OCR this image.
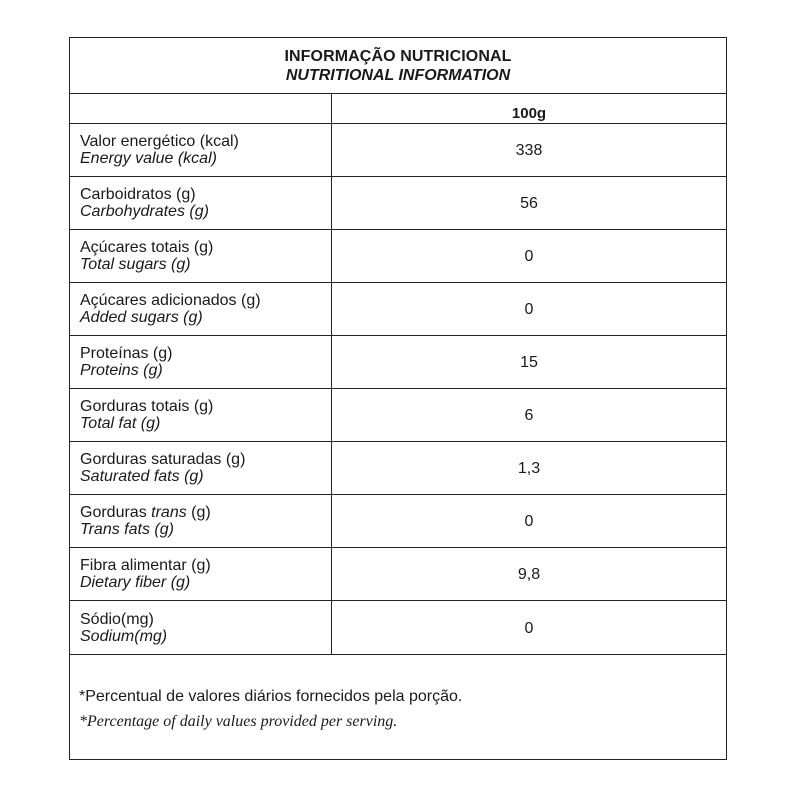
INFORMAÇÃO NUTRICIONAL
NUTRITIONAL INFORMATION
100g
Valor energético (kcal)
Energy value (kcal)	338
Carboidratos (g)
Carbohydrates (g)	56
Açúcares totais (g)
Total sugars (g)	0
Açúcares adicionados (g)
Added sugars (g)	0
Proteínas (g)
Proteins (g)	15
Gorduras totais (g)
Total fat (g)	6
Gorduras saturadas (g)
Saturated fats (g)	1,3
Gorduras trans (g)
Trans fats (g)	0
Fibra alimentar (g)
Dietary fiber (g)	9,8
Sódio(mg)
Sodium(mg)	0
*Percentual de valores diários fornecidos pela porção.
*Percentage of daily values provided per serving.
